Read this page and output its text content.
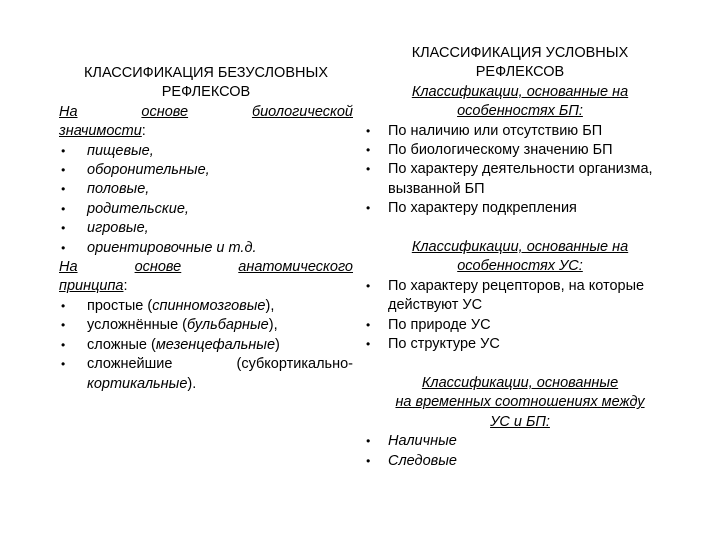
КЛАССИФИКАЦИЯ БЕЗУСЛОВНЫХ
РЕФЛЕКСОВ
На	основе	биологической
значимости:
• пищевые,
• оборонительные,
• половые,
• родительские,
• игровые,
• ориентировочные и т.д.
На	основе	анатомического
принципа:
• простые (спинномозговые),
• усложнённые (бульбарные),
• сложные (мезенцефальные)
• сложнейшие	(субкортикально-
кортикальные).
КЛАССИФИКАЦИЯ УСЛОВНЫХ
РЕФЛЕКСОВ
Классификации, основанные на
особенностях БП:
• По наличию или отсутствию БП
• По биологическому значению БП
• По характеру деятельности организма, вызванной БП
• По характеру подкрепления
Классификации, основанные на
особенностях УС:
• По характеру рецепторов, на которые действуют УС
• По природе УС
• По структуре УС
Классификации, основанные
на временных соотношениях между
УС и БП:
• Наличные
• Следовые
